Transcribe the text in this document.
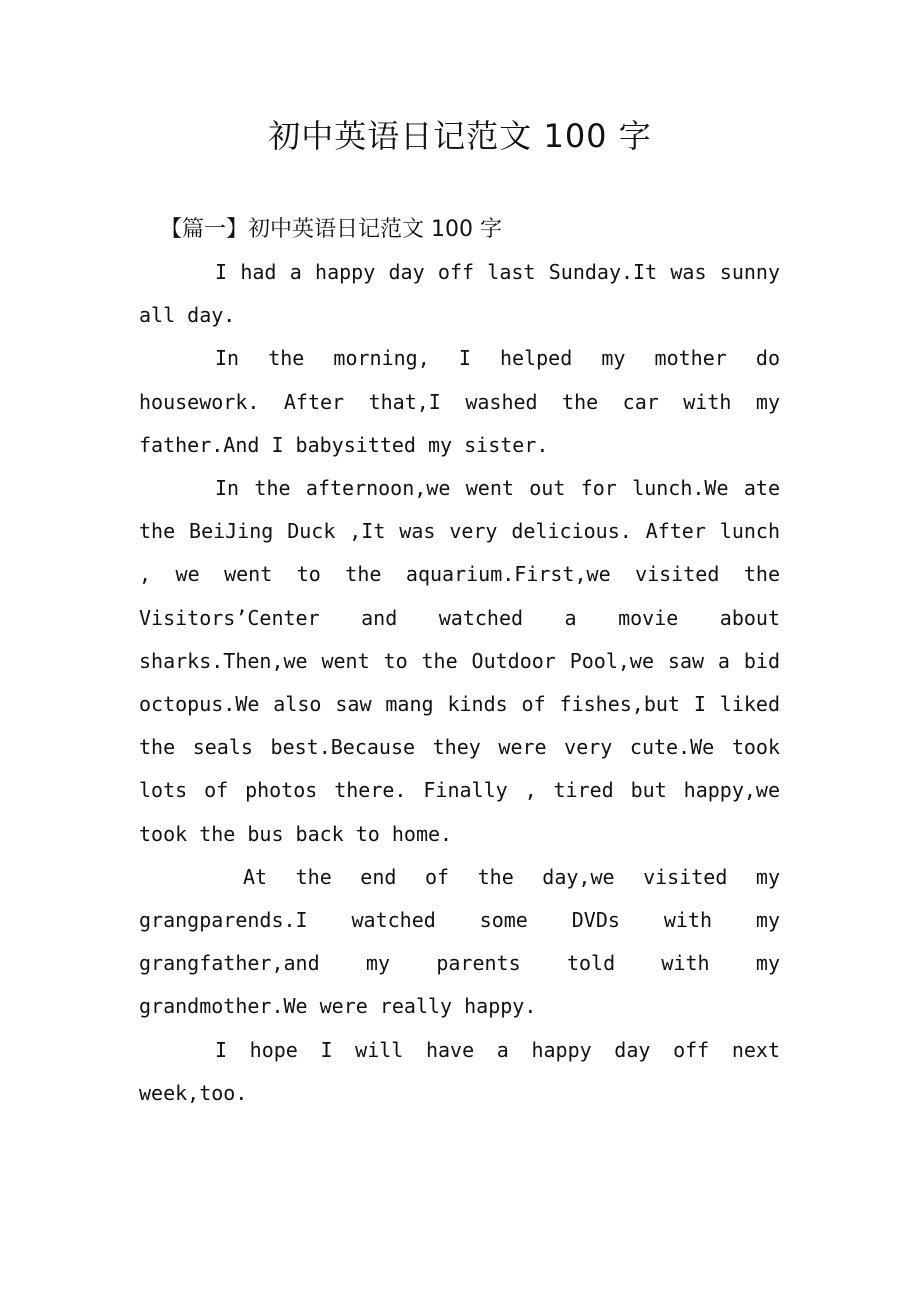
初中英语日记范文 100 字
【篇一】初中英语日记范文 100 字

I had a happy day off last Sunday.It was sunny all day.

In the morning, I helped my mother do housework. After that,I washed the car with my father.And I babysitted my sister.

In the afternoon,we went out for lunch.We ate the BeiJing Duck ,It was very delicious. After lunch , we went to the aquarium.First,we visited the Visitors’Center and watched a movie about sharks.Then,we went to the Outdoor Pool,we saw a bid octopus.We also saw mang kinds of fishes,but I liked the seals best.Because they were very cute.We took lots of photos there. Finally , tired but happy,we took the bus back to home.

At the end of the day,we visited my grangparends.I watched some DVDs with my grangfather,and my parents told with my grandmother.We were really happy.

I hope I will have a happy day off next week,too.
